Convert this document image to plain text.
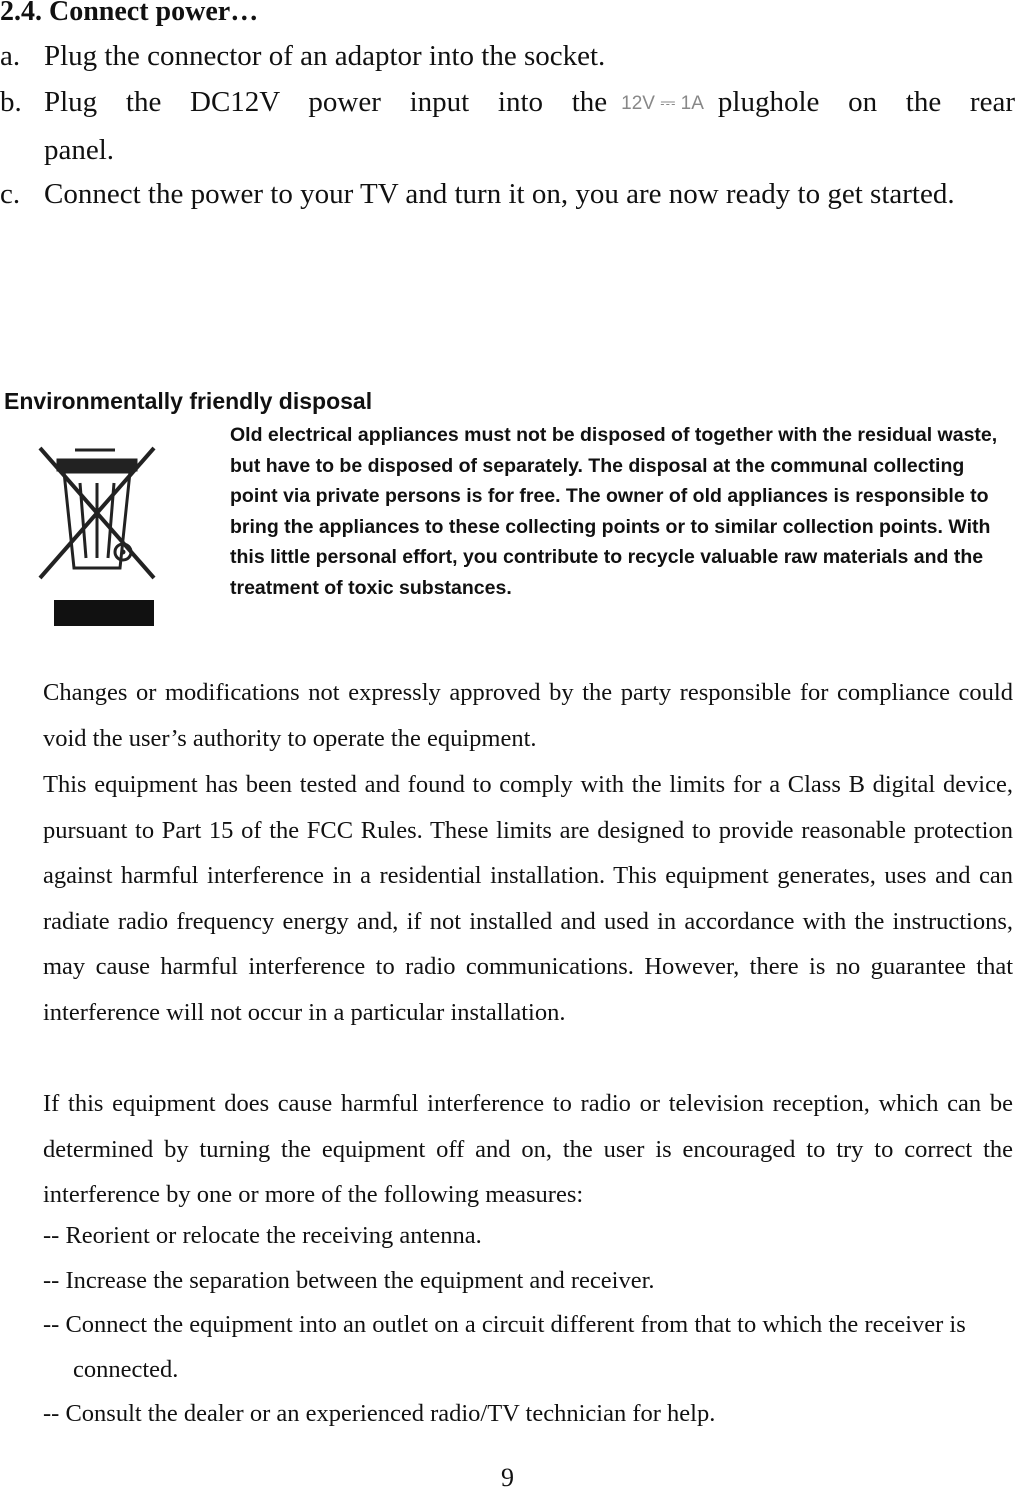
2.4. Connect power…
a. Plug the connector of an adaptor into the socket.
b. Plug the DC12V power input into the 12V ⎓ 1A plughole on the rear
panel.
c. Connect the power to your TV and turn it on, you are now ready to get started.
Environmentally friendly disposal
Old electrical appliances must not be disposed of together with the residual waste, but have to be disposed of separately. The disposal at the communal collecting point via private persons is for free. The owner of old appliances is responsible to bring the appliances to these collecting points or to similar collection points. With this little personal effort, you contribute to recycle valuable raw materials and the treatment of toxic substances.
Changes or modifications not expressly approved by the party responsible for compliance could void the user’s authority to operate the equipment.
This equipment has been tested and found to comply with the limits for a Class B digital device, pursuant to Part 15 of the FCC Rules. These limits are designed to provide reasonable protection against harmful interference in a residential installation. This equipment generates, uses and can radiate radio frequency energy and, if not installed and used in accordance with the instructions, may cause harmful interference to radio communications. However, there is no guarantee that interference will not occur in a particular installation.
If this equipment does cause harmful interference to radio or television reception, which can be determined by turning the equipment off and on, the user is encouraged to try to correct the interference by one or more of the following measures:
-- Reorient or relocate the receiving antenna.
-- Increase the separation between the equipment and receiver.
-- Connect the equipment into an outlet on a circuit different from that to which the receiver is connected.
-- Consult the dealer or an experienced radio/TV technician for help.
9
